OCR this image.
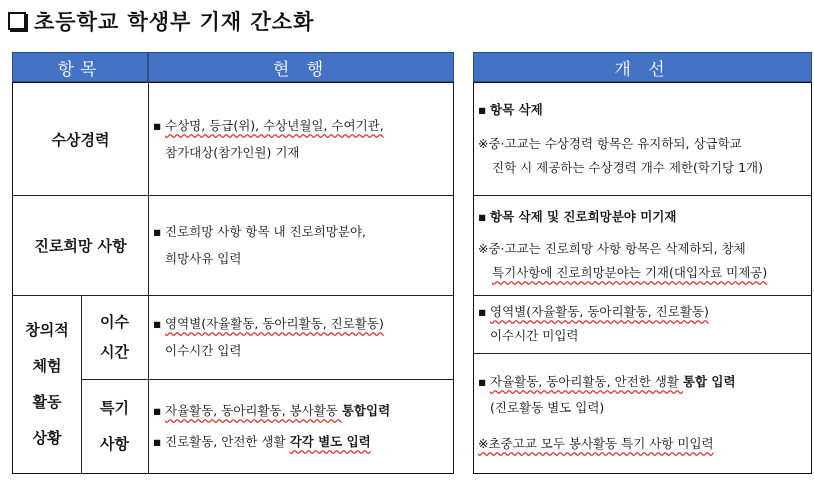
초등학교 학생부 기재 간소화
항목	현 행	개 선
수상경력
▪ 수상명, 등급(위), 수상년월일, 수여기관,
참가대상(참가인원) 기재
진로희망 사항
▪ 진로희망 사항 항목 내 진로희망분야,
희망사유 입력
창의적
체험
활동
상황
이수
시간
특기
사항
▪ 영역별(자율활동, 동아리활동, 진로활동)
이수시간 입력
▪ 자율활동, 동아리활동, 봉사활동 통합입력
▪ 진로활동, 안전한 생활 각각 별도 입력
▪ 항목 삭제
※중·고교는 수상경력 항목은 유지하되, 상급학교
진학 시 제공하는 수상경력 개수 제한(학기당 1개)
▪ 항목 삭제 및 진로희망분야 미기재
※중·고교는 진로희망 사항 항목은 삭제하되, 창체
특기사항에 진로희망분야는 기재(대입자료 미제공)
▪ 영역별(자율활동, 동아리활동, 진로활동)
이수시간 미입력
▪ 자율활동, 동아리활동, 안전한 생활 통합 입력
(진로활동 별도 입력)
※초중고교 모두 봉사활동 특기 사항 미입력
